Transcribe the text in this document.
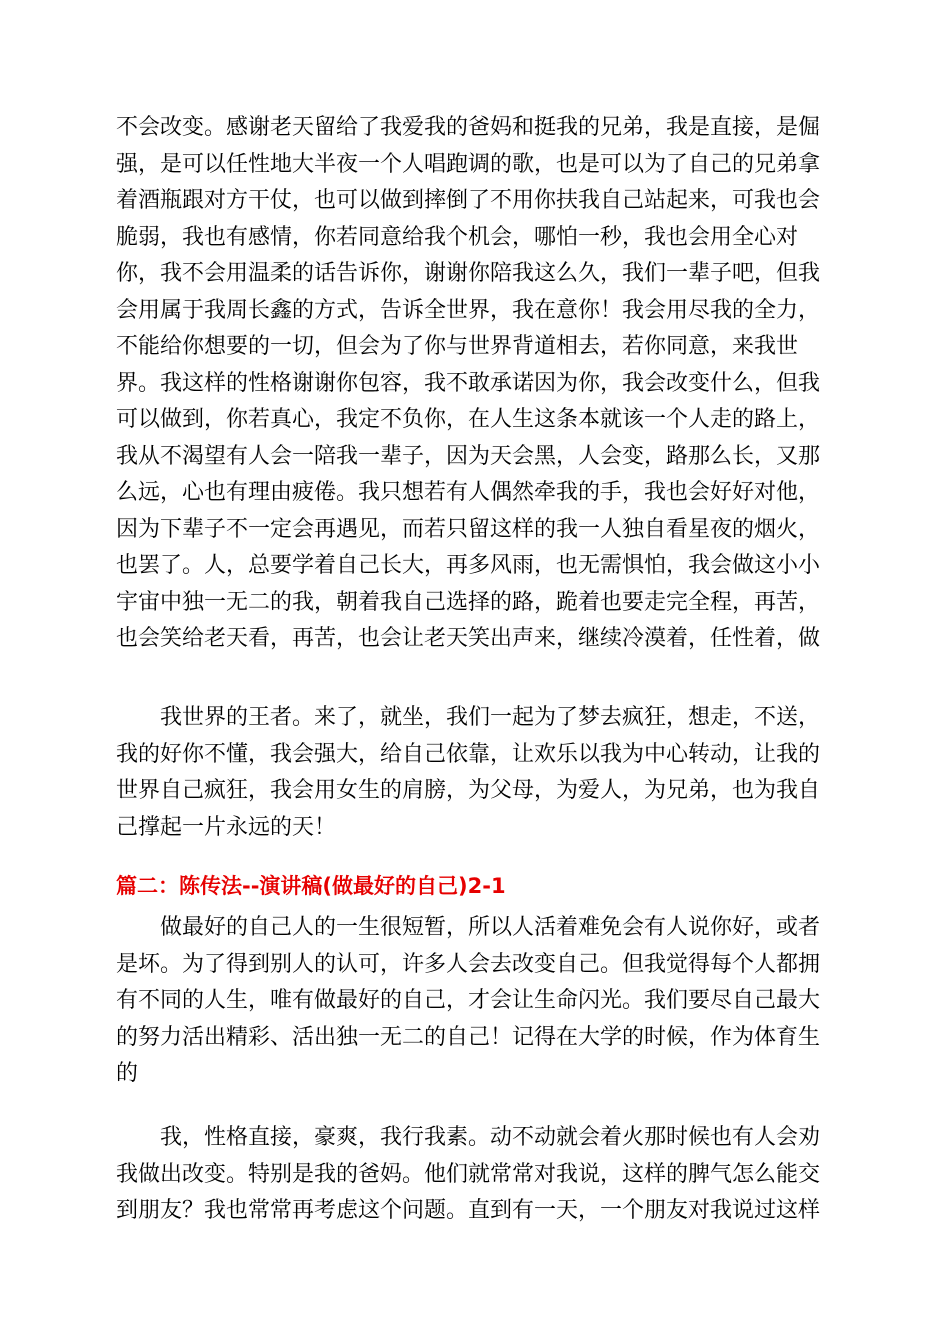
不会改变。感谢老天留给了我爱我的爸妈和挺我的兄弟，我是直接，是倔
强，是可以任性地大半夜一个人唱跑调的歌，也是可以为了自己的兄弟拿
着酒瓶跟对方干仗，也可以做到摔倒了不用你扶我自己站起来，可我也会
脆弱，我也有感情，你若同意给我个机会，哪怕一秒，我也会用全心对
你，我不会用温柔的话告诉你，谢谢你陪我这么久，我们一辈子吧，但我
会用属于我周长鑫的方式，告诉全世界，我在意你！我会用尽我的全力，
不能给你想要的一切，但会为了你与世界背道相去，若你同意，来我世
界。我这样的性格谢谢你包容，我不敢承诺因为你，我会改变什么，但我
可以做到，你若真心，我定不负你，在人生这条本就该一个人走的路上，
我从不渴望有人会一陪我一辈子，因为天会黑，人会变，路那么长，又那
么远，心也有理由疲倦。我只想若有人偶然牵我的手，我也会好好对他，
因为下辈子不一定会再遇见，而若只留这样的我一人独自看星夜的烟火，
也罢了。人，总要学着自己长大，再多风雨，也无需惧怕，我会做这小小
宇宙中独一无二的我，朝着我自己选择的路，跪着也要走完全程，再苦，
也会笑给老天看，再苦，也会让老天笑出声来，继续冷漠着，任性着，做
　　我世界的王者。来了，就坐，我们一起为了梦去疯狂，想走，不送，
我的好你不懂，我会强大，给自己依靠，让欢乐以我为中心转动，让我的
世界自己疯狂，我会用女生的肩膀，为父母，为爱人，为兄弟，也为我自
己撑起一片永远的天！
篇二：陈传法--演讲稿(做最好的自己)2-1
　　做最好的自己人的一生很短暂，所以人活着难免会有人说你好，或者
是坏。为了得到别人的认可，许多人会去改变自己。但我觉得每个人都拥
有不同的人生，唯有做最好的自己，才会让生命闪光。我们要尽自己最大
的努力活出精彩、活出独一无二的自己！记得在大学的时候，作为体育生
的
　　我，性格直接，豪爽，我行我素。动不动就会着火那时候也有人会劝
我做出改变。特别是我的爸妈。他们就常常对我说，这样的脾气怎么能交
到朋友？我也常常再考虑这个问题。直到有一天，一个朋友对我说过这样
